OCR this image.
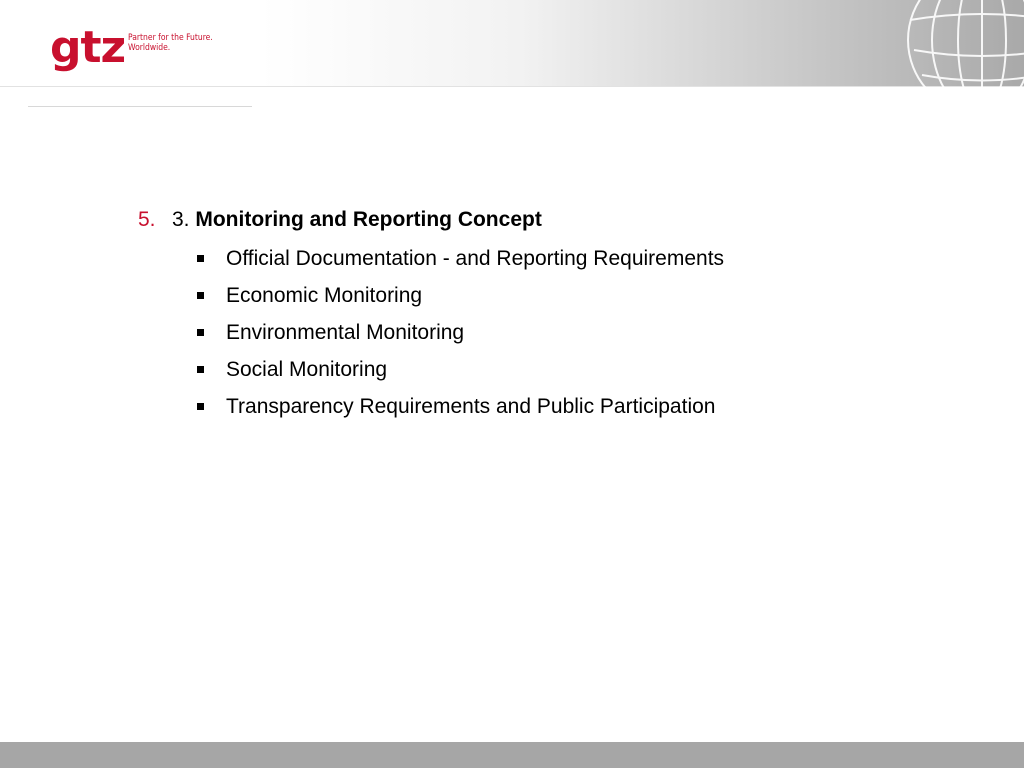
gtz Partner for the Future.
Worldwide.
5. 3. Monitoring and Reporting Concept
Official Documentation - and Reporting Requirements
Economic Monitoring
Environmental Monitoring
Social Monitoring
Transparency Requirements and Public Participation
